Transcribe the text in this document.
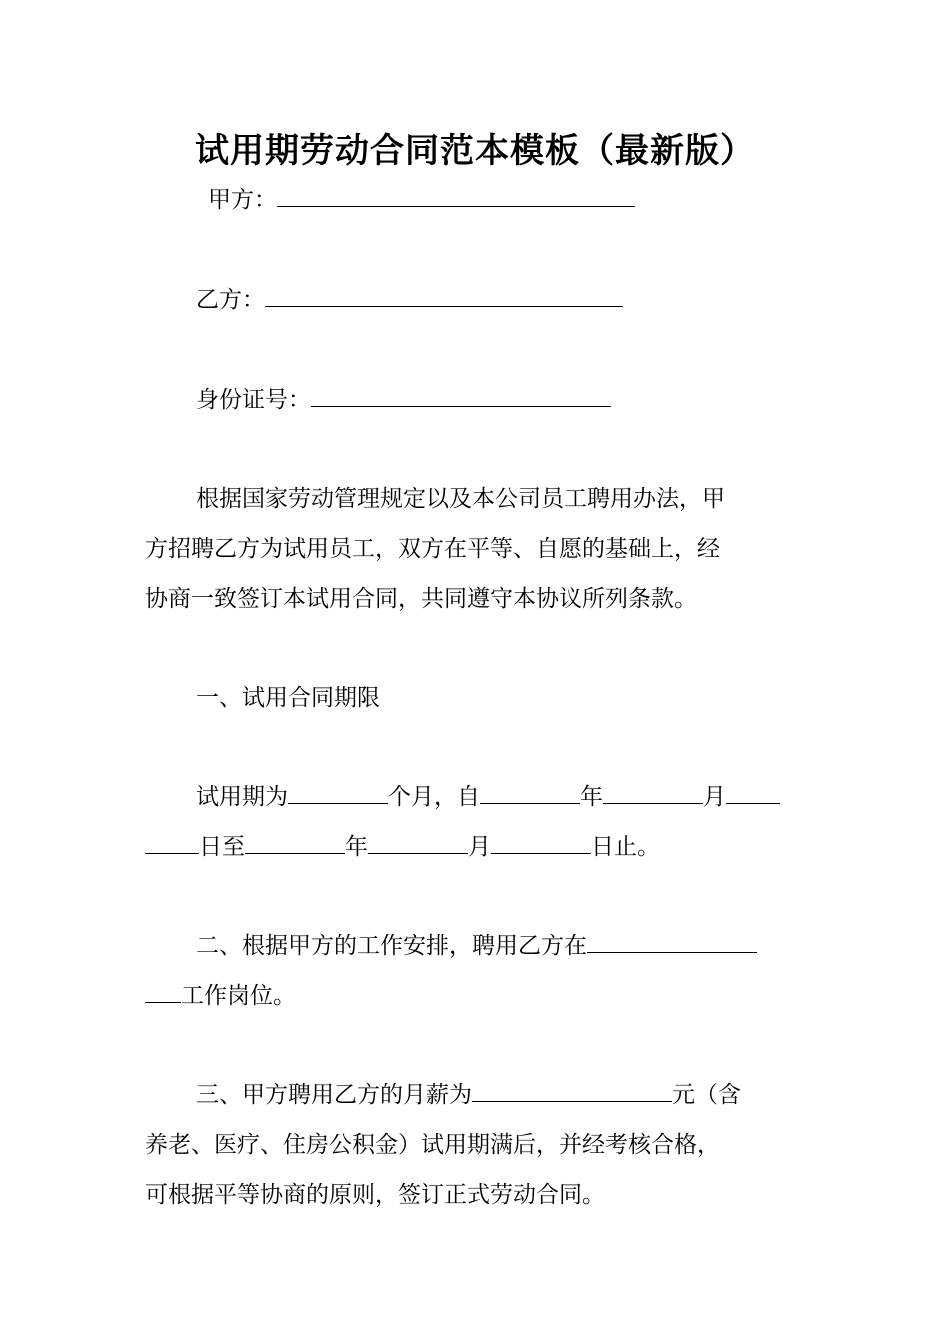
试用期劳动合同范本模板（最新版）
甲方：
乙方：
身份证号：
根据国家劳动管理规定以及本公司员工聘用办法，甲
方招聘乙方为试用员工，双方在平等、自愿的基础上，经
协商一致签订本试用合同，共同遵守本协议所列条款。
一、试用合同期限
试用期为	个月，自	年	月
日至	年	月	日止。
二、根据甲方的工作安排，聘用乙方在
工作岗位。
三、甲方聘用乙方的月薪为	元（含
养老、医疗、住房公积金）试用期满后，并经考核合格，
可根据平等协商的原则，签订正式劳动合同。
